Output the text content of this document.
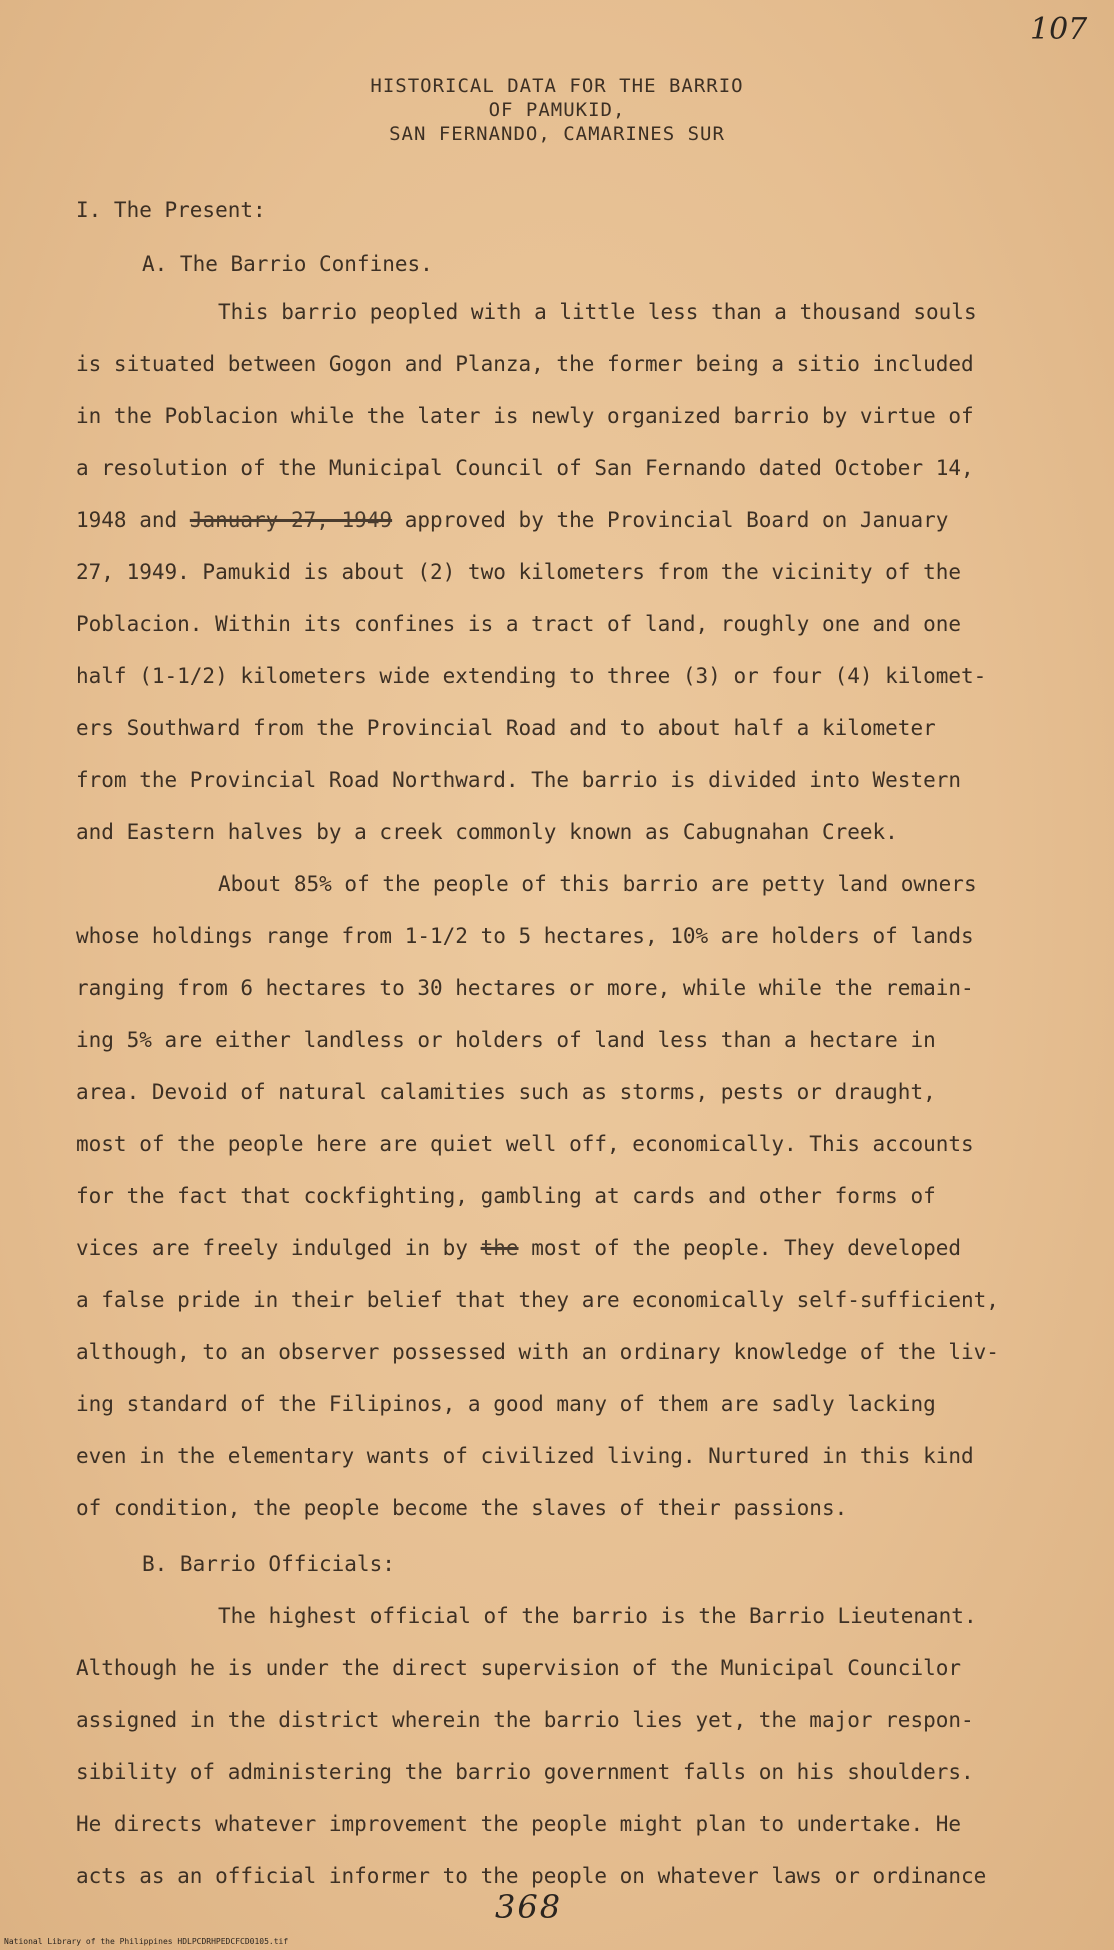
107
HISTORICAL DATA FOR THE BARRIO
OF PAMUKID,
SAN FERNANDO, CAMARINES SUR
I. The Present:
A. The Barrio Confines.
This barrio peopled with a little less than a thousand souls
is situated between Gogon and Planza, the former being a sitio included
in the Poblacion while the later is newly organized barrio by virtue of
a resolution of the Municipal Council of San Fernando dated October 14,
1948 and January 27, 1949 approved by the Provincial Board on January
27, 1949. Pamukid is about (2) two kilometers from the vicinity of the
Poblacion. Within its confines is a tract of land, roughly one and one
half (1-1/2) kilometers wide extending to three (3) or four (4) kilomet-
ers Southward from the Provincial Road and to about half a kilometer
from the Provincial Road Northward. The barrio is divided into Western
and Eastern halves by a creek commonly known as Cabugnahan Creek.
About 85% of the people of this barrio are petty land owners
whose holdings range from 1-1/2 to 5 hectares, 10% are holders of lands
ranging from 6 hectares to 30 hectares or more, while while the remain-
ing 5% are either landless or holders of land less than a hectare in
area. Devoid of natural calamities such as storms, pests or draught,
most of the people here are quiet well off, economically. This accounts
for the fact that cockfighting, gambling at cards and other forms of
vices are freely indulged in by the most of the people. They developed
a false pride in their belief that they are economically self-sufficient,
although, to an observer possessed with an ordinary knowledge of the liv-
ing standard of the Filipinos, a good many of them are sadly lacking
even in the elementary wants of civilized living. Nurtured in this kind
of condition, the people become the slaves of their passions.
B. Barrio Officials:
The highest official of the barrio is the Barrio Lieutenant.
Although he is under the direct supervision of the Municipal Councilor
assigned in the district wherein the barrio lies yet, the major respon-
sibility of administering the barrio government falls on his shoulders.
He directs whatever improvement the people might plan to undertake. He
acts as an official informer to the people on whatever laws or ordinance
368
National Library of the Philippines HDLPCDRHPEDCFCD0105.tif
